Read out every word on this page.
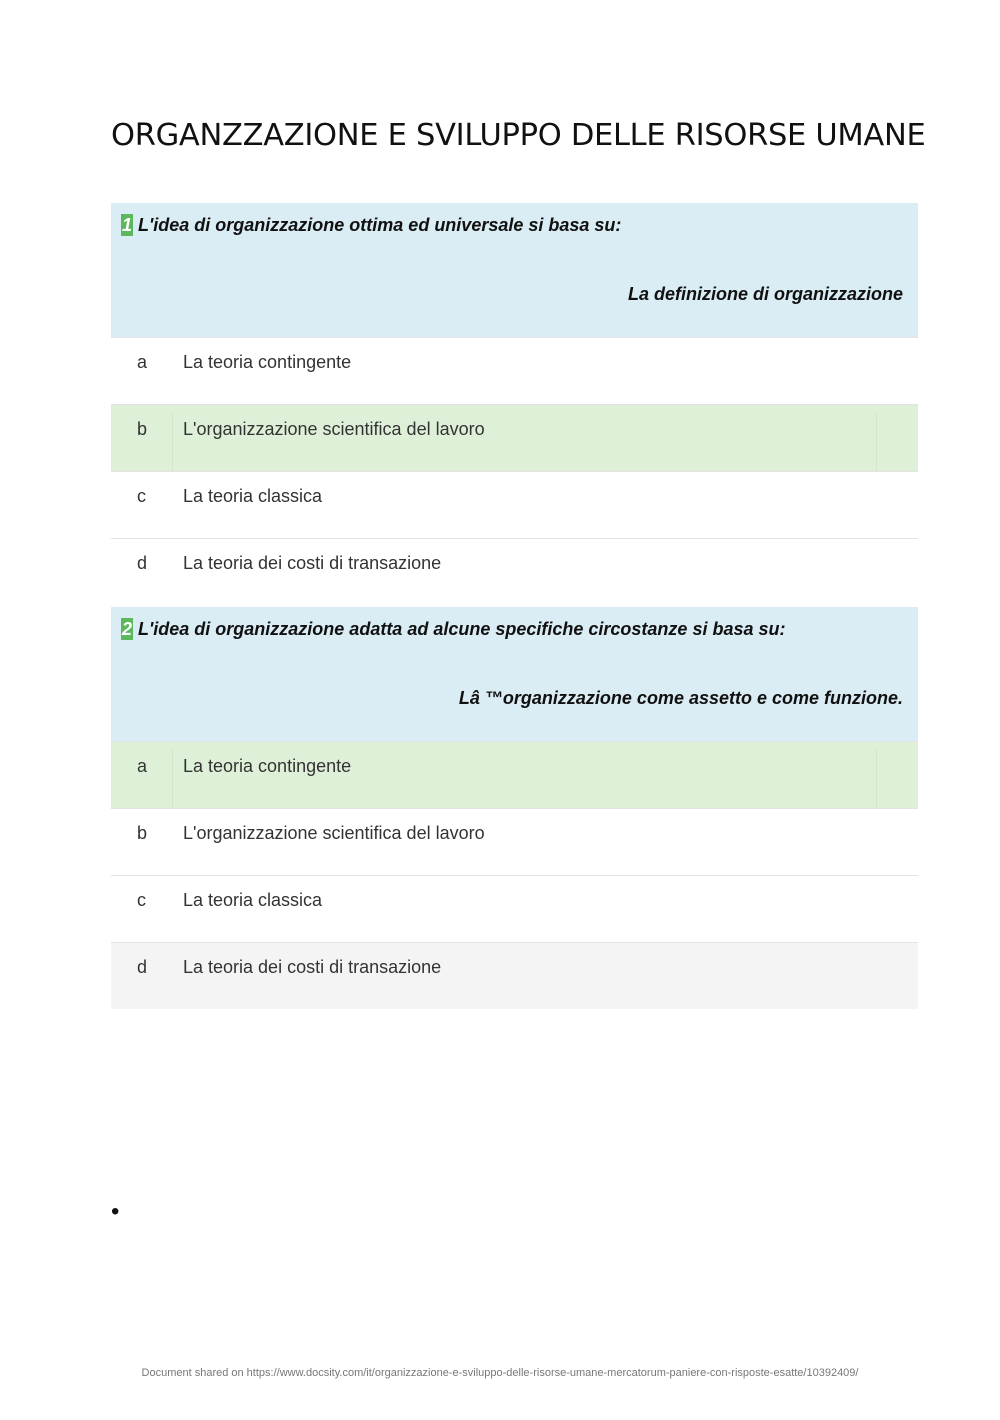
ORGANZZAZIONE E SVILUPPO DELLE RISORSE UMANE
1 L'idea di organizzazione ottima ed universale si basa su:
La definizione di organizzazione
a La teoria contingente
b L'organizzazione scientifica del lavoro
c La teoria classica
d La teoria dei costi di transazione
2 L'idea di organizzazione adatta ad alcune specifiche circostanze si basa su:
Lâ ™organizzazione come assetto e come funzione.
a La teoria contingente
b L'organizzazione scientifica del lavoro
c La teoria classica
d La teoria dei costi di transazione
•
Document shared on https://www.docsity.com/it/organizzazione-e-sviluppo-delle-risorse-umane-mercatorum-paniere-con-risposte-esatte/10392409/
